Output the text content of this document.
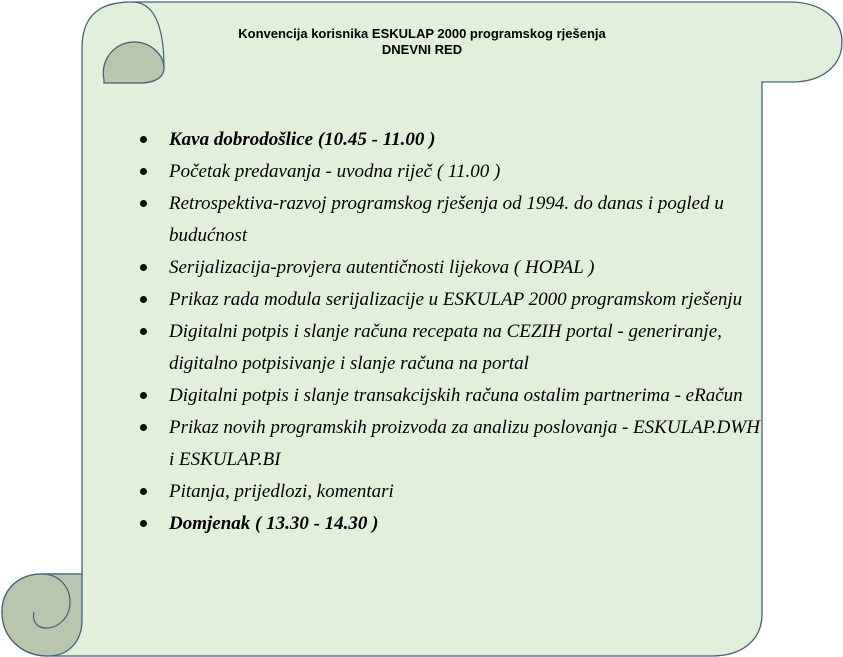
Konvencija korisnika ESKULAP 2000 programskog rješenja
DNEVNI RED
Kava dobrodošlice (10.45 - 11.00 )
Početak predavanja - uvodna riječ ( 11.00 )
Retrospektiva-razvoj programskog rješenja od 1994. do danas i pogled u budućnost
Serijalizacija-provjera autentičnosti lijekova ( HOPAL )
Prikaz rada modula serijalizacije u ESKULAP 2000 programskom rješenju
Digitalni potpis i slanje računa recepata na CEZIH portal - generiranje, digitalno potpisivanje i slanje računa na portal
Digitalni potpis i slanje transakcijskih računa ostalim partnerima - eRačun
Prikaz novih programskih proizvoda za analizu poslovanja - ESKULAP.DWH i ESKULAP.BI
Pitanja, prijedlozi, komentari
Domjenak ( 13.30 - 14.30 )
